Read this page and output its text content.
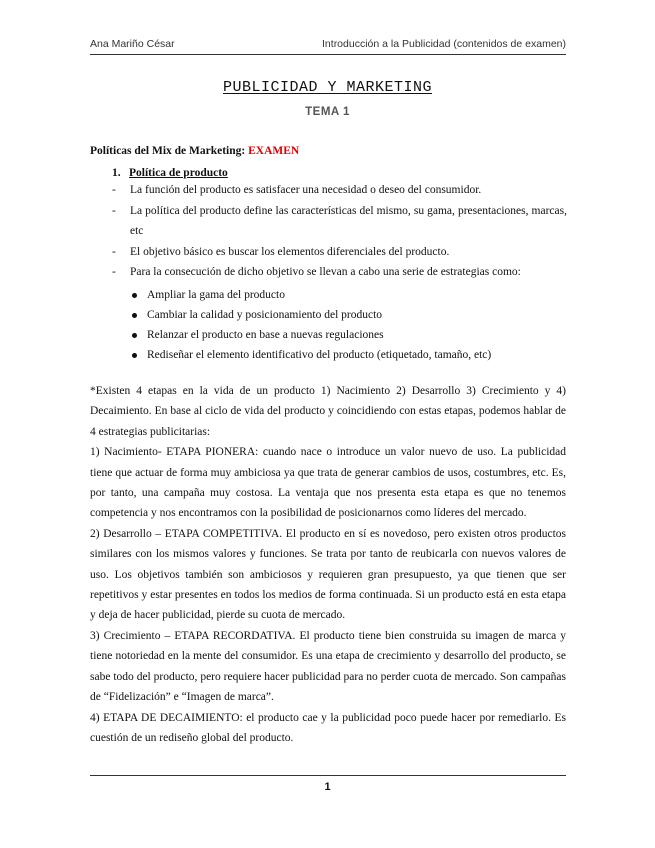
Ana Mariño César	Introducción a la Publicidad (contenidos de examen)
PUBLICIDAD Y MARKETING
TEMA 1
Políticas del Mix de Marketing: EXAMEN
1. Política de producto
- La función del producto es satisfacer una necesidad o deseo del consumidor.
- La política del producto define las características del mismo, su gama, presentaciones, marcas, etc
- El objetivo básico es buscar los elementos diferenciales del producto.
- Para la consecución de dicho objetivo se llevan a cabo una serie de estrategias como:
Ampliar la gama del producto
Cambiar la calidad y posicionamiento del producto
Relanzar el producto en base a nuevas regulaciones
Rediseñar el elemento identificativo del producto (etiquetado, tamaño, etc)

*Existen 4 etapas en la vida de un producto 1) Nacimiento 2) Desarrollo 3) Crecimiento y 4) Decaimiento. En base al ciclo de vida del producto y coincidiendo con estas etapas, podemos hablar de 4 estrategias publicitarias:

1) Nacimiento- ETAPA PIONERA: cuando nace o introduce un valor nuevo de uso. La publicidad tiene que actuar de forma muy ambiciosa ya que trata de generar cambios de usos, costumbres, etc. Es, por tanto, una campaña muy costosa. La ventaja que nos presenta esta etapa es que no tenemos competencia y nos encontramos con la posibilidad de posicionarnos como líderes del mercado.

2) Desarrollo – ETAPA COMPETITIVA. El producto en sí es novedoso, pero existen otros productos similares con los mismos valores y funciones. Se trata por tanto de reubicarla con nuevos valores de uso. Los objetivos también son ambiciosos y requieren gran presupuesto, ya que tienen que ser repetitivos y estar presentes en todos los medios de forma continuada. Si un producto está en esta etapa y deja de hacer publicidad, pierde su cuota de mercado.

3) Crecimiento – ETAPA RECORDATIVA. El producto tiene bien construida su imagen de marca y tiene notoriedad en la mente del consumidor. Es una etapa de crecimiento y desarrollo del producto, se sabe todo del producto, pero requiere hacer publicidad para no perder cuota de mercado. Son campañas de “Fidelización” e “Imagen de marca”.

4) ETAPA DE DECAIMIENTO: el producto cae y la publicidad poco puede hacer por remediarlo. Es cuestión de un rediseño global del producto.

1
